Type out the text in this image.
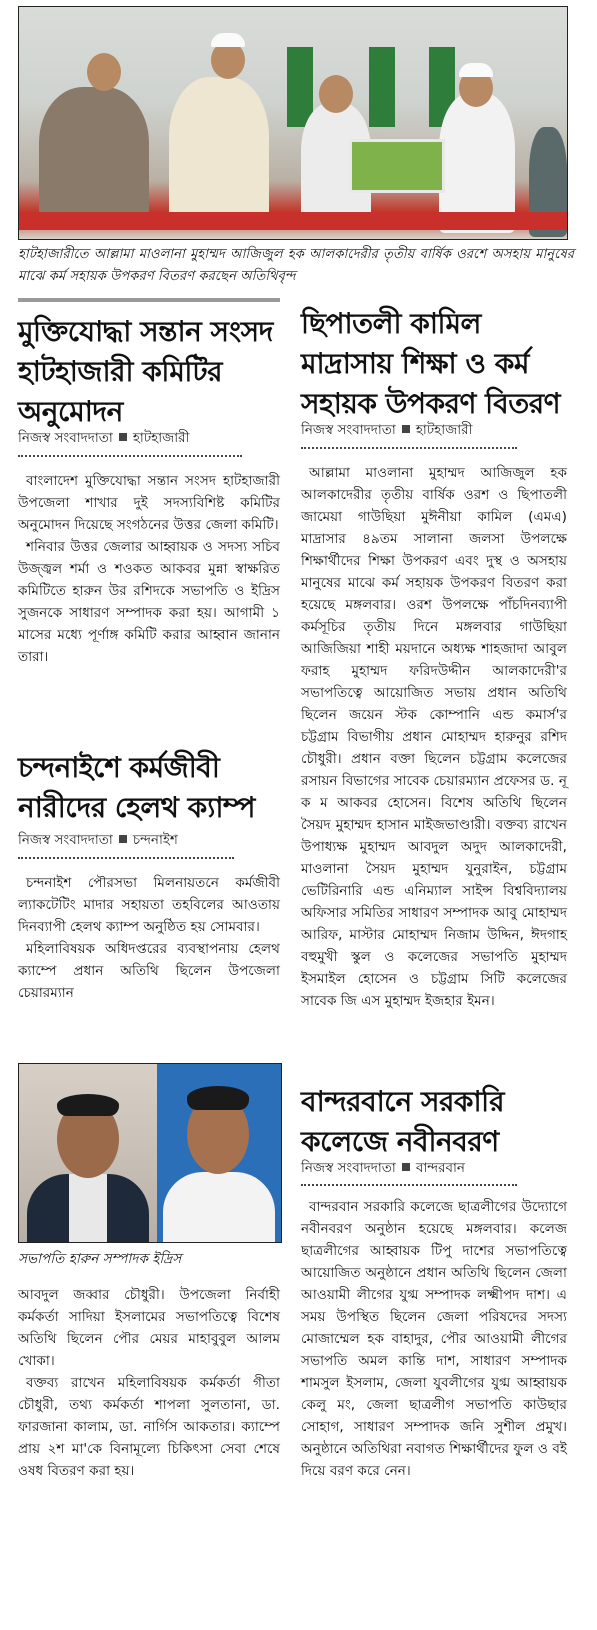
হাটহাজারীতে আল্লামা মাওলানা মুহাম্মদ আজিজুল হক আলকাদেরীর তৃতীয় বার্ষিক ওরশে অসহায় মানুষের মাঝে কর্ম সহায়ক উপকরণ বিতরণ করছেন অতিথিবৃন্দ
মুক্তিযোদ্ধা সন্তান সংসদ হাটহাজারী কমিটির অনুমোদন
নিজস্ব সংবাদদাতা হাটহাজারী

বাংলাদেশ মুক্তিযোদ্ধা সন্তান সংসদ হাটহাজারী উপজেলা শাখার দুই সদস্যবিশিষ্ট কমিটির অনুমোদন দিয়েছে সংগঠনের উত্তর জেলা কমিটি।

শনিবার উত্তর জেলার আহ্বায়ক ও সদস্য সচিব উজ্জ্বল শর্মা ও শওকত আকবর মুন্না স্বাক্ষরিত কমিটিতে হারুন উর রশিদকে সভাপতি ও ইদ্রিস সুজনকে সাধারণ সম্পাদক করা হয়। আগামী ১ মাসের মধ্যে পূর্ণাঙ্গ কমিটি করার আহ্বান জানান তারা।

চন্দনাইশে কর্মজীবী নারীদের হেলথ ক্যাম্প
নিজস্ব সংবাদদাতা চন্দনাইশ

চন্দনাইশ পৌরসভা মিলনায়তনে কর্মজীবী ল্যাকটেটিং মাদার সহায়তা তহবিলের আওতায় দিনব্যাপী হেলথ ক্যাম্প অনুষ্ঠিত হয় সোমবার।

মহিলাবিষয়ক অধিদপ্তরের ব্যবস্থাপনায় হেলথ ক্যাম্পে প্রধান অতিথি ছিলেন উপজেলা চেয়ারম্যান

সভাপতি হারুন সম্পাদক ইদ্রিস

আবদুল জব্বার চৌধুরী। উপজেলা নির্বাহী কর্মকর্তা সাদিয়া ইসলামের সভাপতিত্বে বিশেষ অতিথি ছিলেন পৌর মেয়র মাহাবুবুল আলম খোকা।

বক্তব্য রাখেন মহিলাবিষয়ক কর্মকর্তা গীতা চৌধুরী, তথ্য কর্মকর্তা শাপলা সুলতানা, ডা. ফারজানা কালাম, ডা. নার্গিস আকতার। ক্যাম্পে প্রায় ২শ মা'কে বিনামূল্যে চিকিৎসা সেবা শেষে ওষধ বিতরণ করা হয়।

ছিপাতলী কামিল মাদ্রাসায় শিক্ষা ও কর্ম সহায়ক উপকরণ বিতরণ
নিজস্ব সংবাদদাতা হাটহাজারী

আল্লামা মাওলানা মুহাম্মদ আজিজুল হক আলকাদেরীর তৃতীয় বার্ষিক ওরশ ও ছিপাতলী জামেয়া গাউছিয়া মুঈনীয়া কামিল (এমএ) মাদ্রাসার ৪৯তম সালানা জলসা উপলক্ষে শিক্ষার্থীদের শিক্ষা উপকরণ এবং দুস্থ ও অসহায় মানুষের মাঝে কর্ম সহায়ক উপকরণ বিতরণ করা হয়েছে মঙ্গলবার। ওরশ উপলক্ষে পাঁচদিনব্যাপী কর্মসূচির তৃতীয় দিনে মঙ্গলবার গাউছিয়া আজিজিয়া শাহী ময়দানে অধ্যক্ষ শাহজাদা আবুল ফরাহ মুহাম্মদ ফরিদউদ্দীন আলকাদেরী'র সভাপতিত্বে আয়োজিত সভায় প্রধান অতিথি ছিলেন জয়েন স্টক কোম্পানি এন্ড কমার্স'র চট্টগ্রাম বিভাগীয় প্রধান মোহাম্মদ হারুনুর রশিদ চৌধুরী। প্রধান বক্তা ছিলেন চট্টগ্রাম কলেজের রসায়ন বিভাগের সাবেক চেয়ারম্যান প্রফেসর ড. নূ ক ম আকবর হোসেন। বিশেষ অতিথি ছিলেন সৈয়দ মুহাম্মদ হাসান মাইজভাণ্ডারী। বক্তব্য রাখেন উপাধ্যক্ষ মুহাম্মদ আবদুল অদুদ আলকাদেরী, মাওলানা সৈয়দ মুহাম্মদ যুনুরাইন, চট্টগ্রাম ভেটিরিনারি এন্ড এনিম্যাল সাইন্স বিশ্ববিদ্যালয় অফিসার সমিতির সাধারণ সম্পাদক আবু মোহাম্মদ আরিফ, মাস্টার মোহাম্মদ নিজাম উদ্দিন, ঈদগাহ বহুমুখী স্কুল ও কলেজের সভাপতি মুহাম্মদ ইসমাইল হোসেন ও চট্টগ্রাম সিটি কলেজের সাবেক জি এস মুহাম্মদ ইজহার ইমন।

বান্দরবানে সরকারি কলেজে নবীনবরণ
নিজস্ব সংবাদদাতা বান্দরবান

বান্দরবান সরকারি কলেজে ছাত্রলীগের উদ্যোগে নবীনবরণ অনুষ্ঠান হয়েছে মঙ্গলবার। কলেজ ছাত্রলীগের আহ্বায়ক টিপু দাশের সভাপতিত্বে আয়োজিত অনুষ্ঠানে প্রধান অতিথি ছিলেন জেলা আওয়ামী লীগের যুগ্ম সম্পাদক লক্ষ্মীপদ দাশ। এ সময় উপস্থিত ছিলেন জেলা পরিষদের সদস্য মোজাম্মেল হক বাহাদুর, পৌর আওয়ামী লীগের সভাপতি অমল কান্তি দাশ, সাধারণ সম্পাদক শামসুল ইসলাম, জেলা যুবলীগের যুগ্ম আহ্বায়ক কেলু মং, জেলা ছাত্রলীগ সভাপতি কাউছার সোহাগ, সাধারণ সম্পাদক জনি সুশীল প্রমুখ। অনুষ্ঠানে অতিথিরা নবাগত শিক্ষার্থীদের ফুল ও বই দিয়ে বরণ করে নেন।
